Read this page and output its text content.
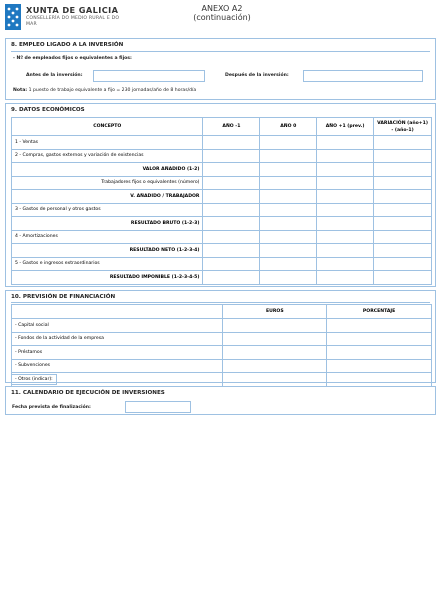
XUNTA DE GALICIA
CONSELLERÍA DO MEDIO RURAL E DO MAR
ANEXO A2
(continuación)
8. EMPLEO LIGADO A LA INVERSIÓN
- Nº de empleados fijos o equivalentes a fijos:
Antes de la inversión:	Después de la inversión:
Nota: 1 puesto de trabajo equivalente a fijo = 230 jornadas/año de 8 horas/día
9. DATOS ECONÓMICOS
CONCEPTO	AÑO -1	AÑO 0	AÑO +1 (prev.)	VARIACIÓN (año+1) - (año-1)
1 - Ventas				
2 - Compras, gastos externos y variación de existencias				
VALOR AÑADIDO (1-2)				
Trabajadores fijos o equivalentes (número)				
V. AÑADIDO / TRABAJADOR				
3 - Gastos de personal y otros gastos				
RESULTADO BRUTO (1-2-3)				
4 - Amortizaciones				
RESULTADO NETO (1-2-3-4)				
5 - Gastos e ingresos extraordinarios				
RESULTADO IMPONIBLE (1-2-3-4-5)				
10. PREVISIÓN DE FINANCIACIÓN
	EUROS	PORCENTAJE
- Capital social		
- Fondos de la actividad de la empresa		
- Préstamos		
- Subvenciones		
- Otros (indicar):		
11. CALENDARIO DE EJECUCIÓN DE INVERSIONES
Fecha prevista de finalización:
